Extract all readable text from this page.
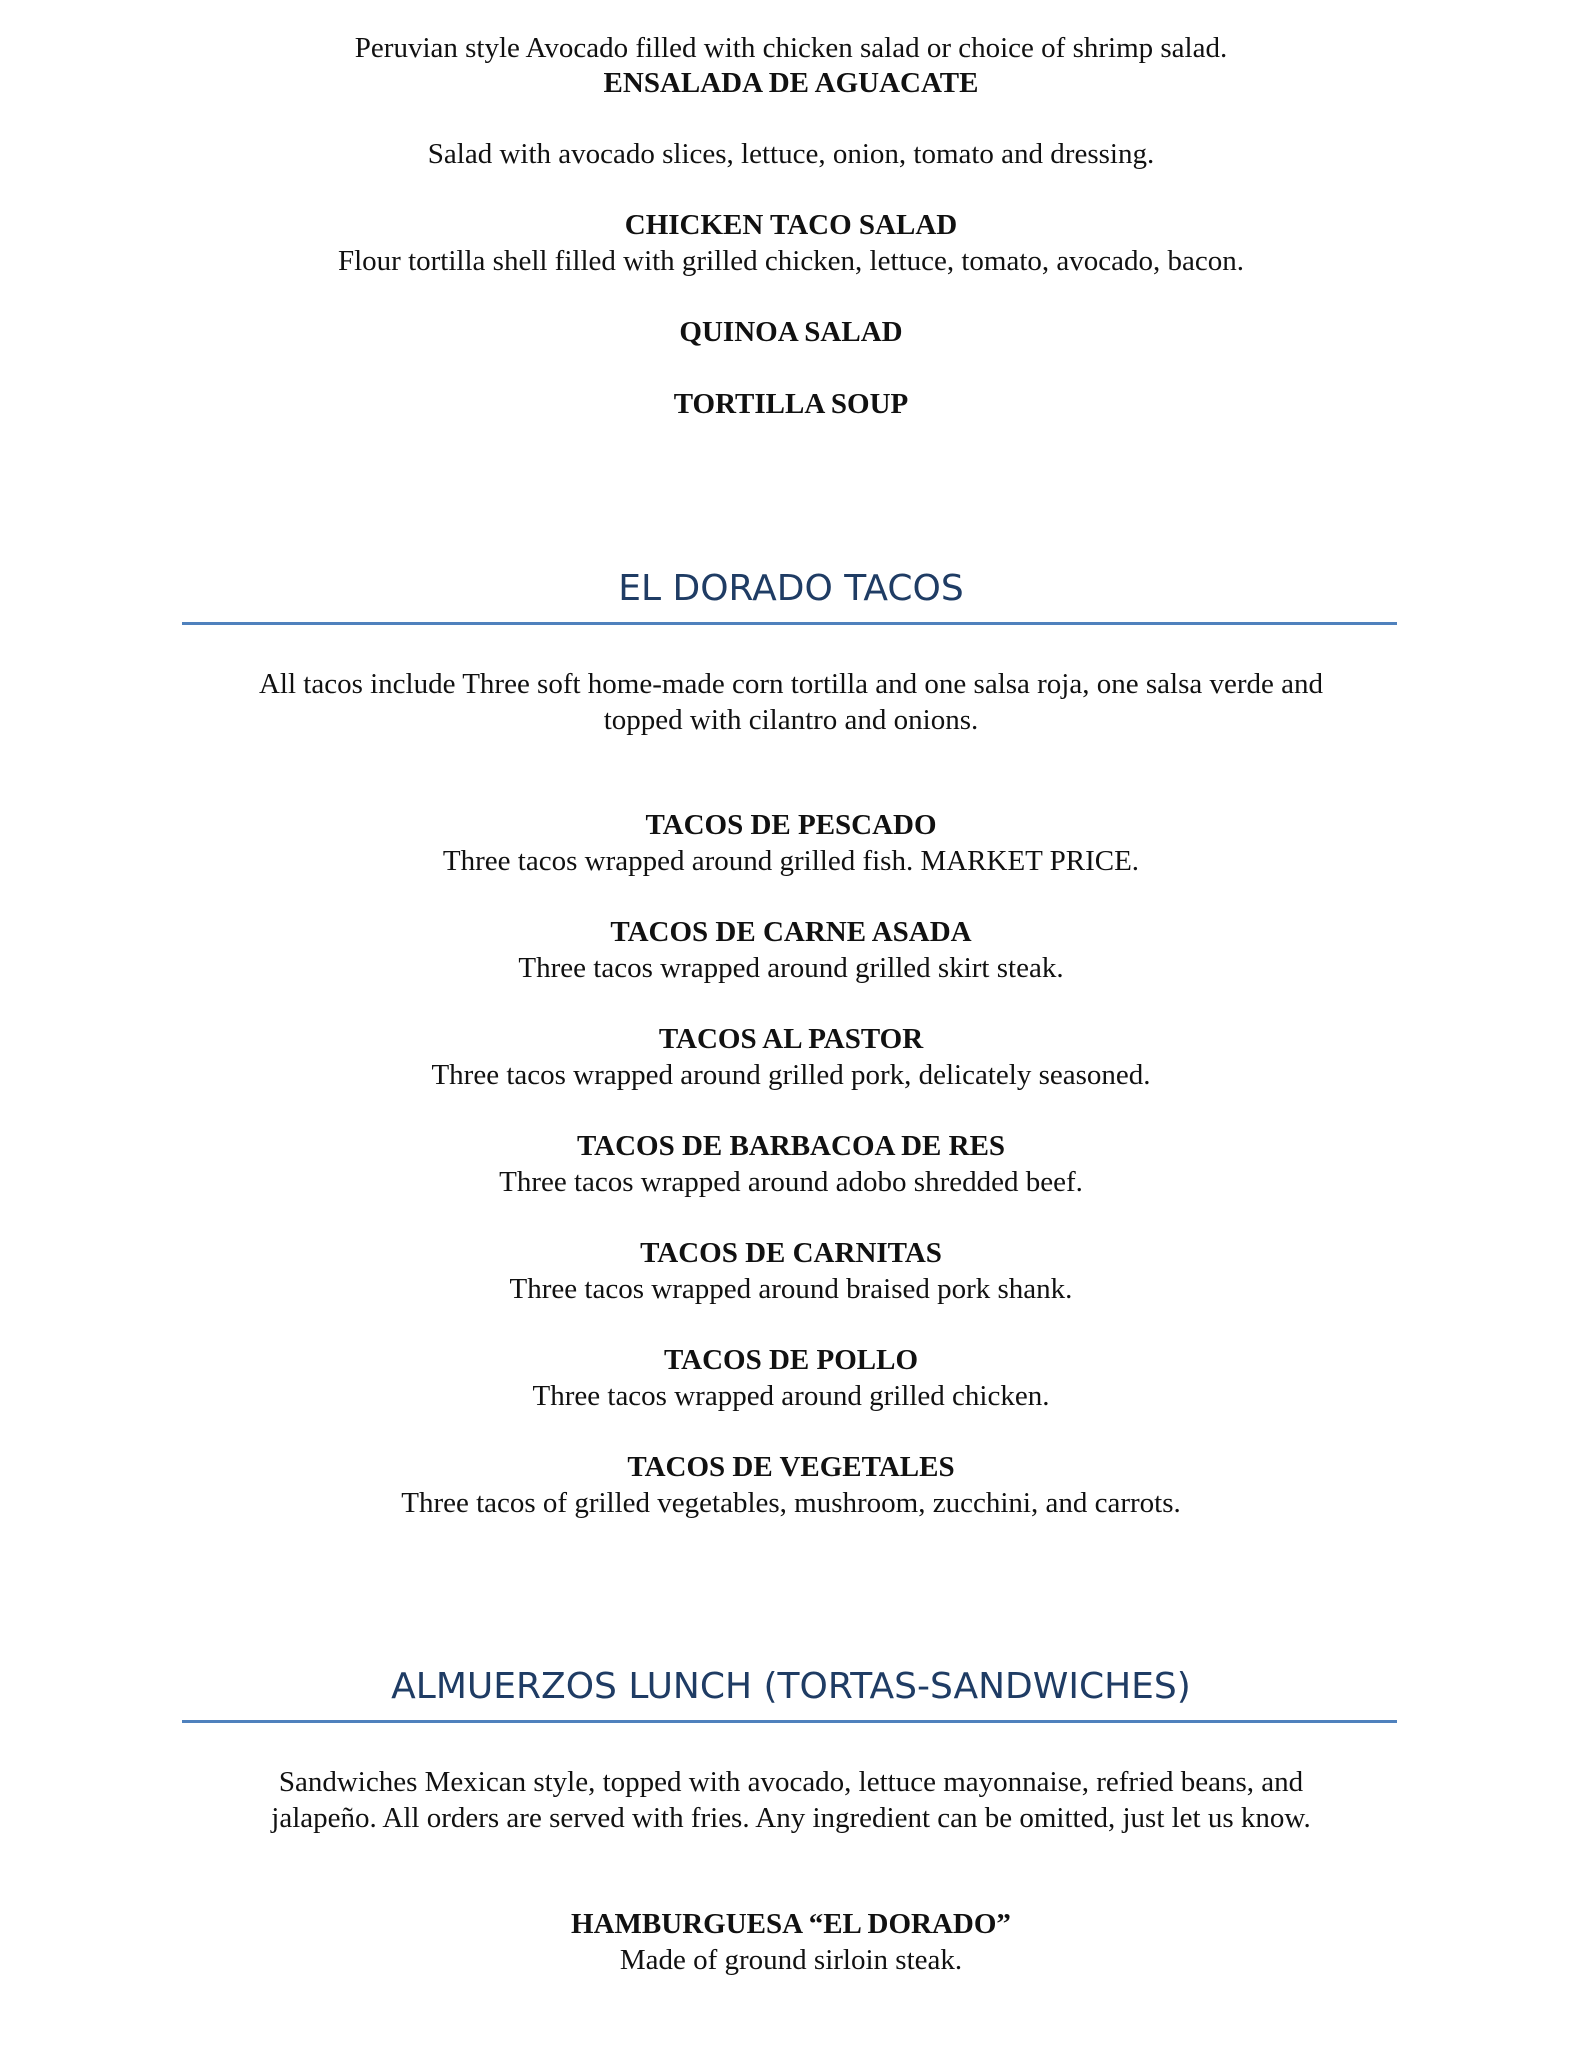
Peruvian style Avocado filled with chicken salad or choice of shrimp salad.
ENSALADA DE AGUACATE
Salad with avocado slices, lettuce, onion, tomato and dressing.
CHICKEN TACO SALAD
Flour tortilla shell filled with grilled chicken, lettuce, tomato, avocado, bacon.
QUINOA SALAD
TORTILLA SOUP
EL DORADO TACOS
All tacos include Three soft home-made corn tortilla and one salsa roja, one salsa verde and
topped with cilantro and onions.
TACOS DE PESCADO
Three tacos wrapped around grilled fish. MARKET PRICE.
TACOS DE CARNE ASADA
Three tacos wrapped around grilled skirt steak.
TACOS AL PASTOR
Three tacos wrapped around grilled pork, delicately seasoned.
TACOS DE BARBACOA DE RES
Three tacos wrapped around adobo shredded beef.
TACOS DE CARNITAS
Three tacos wrapped around braised pork shank.
TACOS DE POLLO
Three tacos wrapped around grilled chicken.
TACOS DE VEGETALES
Three tacos of grilled vegetables, mushroom, zucchini, and carrots.
ALMUERZOS LUNCH (TORTAS-SANDWICHES)
Sandwiches Mexican style, topped with avocado, lettuce mayonnaise, refried beans, and
jalapeño. All orders are served with fries. Any ingredient can be omitted, just let us know.
HAMBURGUESA “EL DORADO”
Made of ground sirloin steak.
